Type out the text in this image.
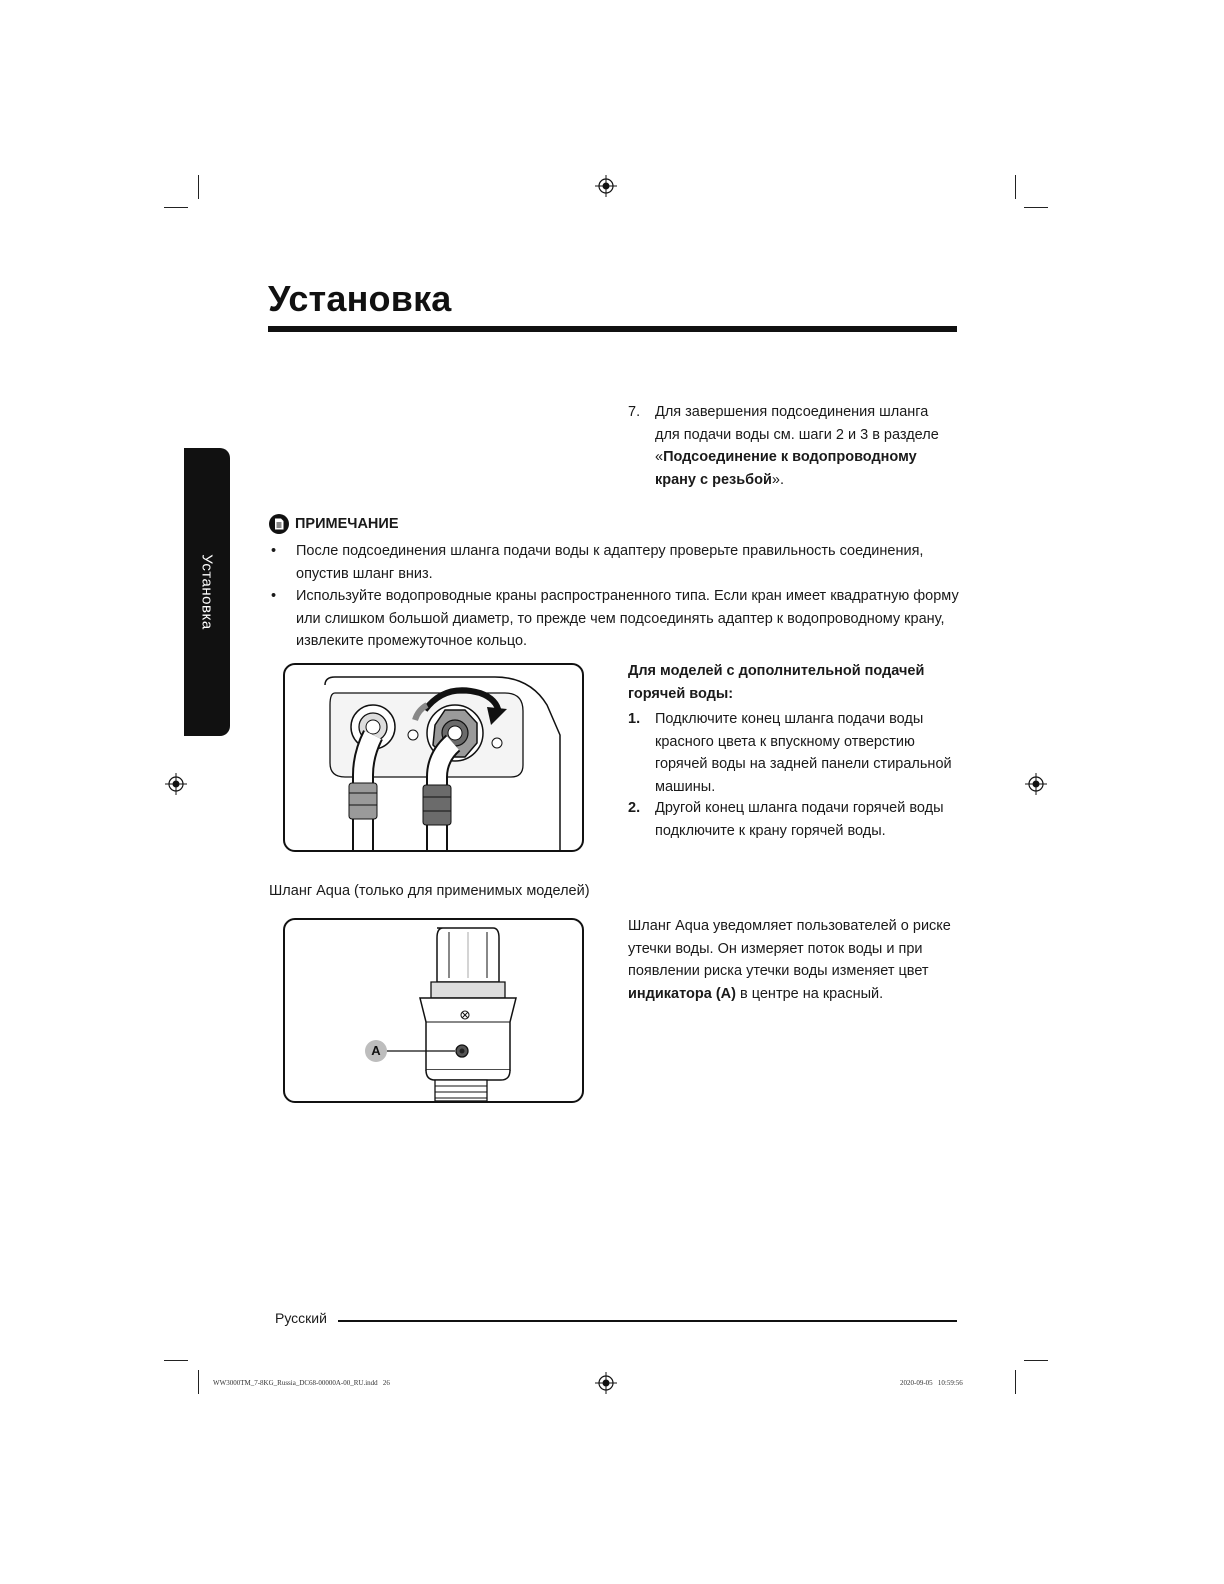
Установка
Установка
7. Для завершения подсоединения шланга для подачи воды см. шаги 2 и 3 в разделе «Подсоединение к водопроводному крану с резьбой».
ПРИМЕЧАНИЕ
• После подсоединения шланга подачи воды к адаптеру проверьте правильность соединения, опустив шланг вниз.
• Используйте водопроводные краны распространенного типа. Если кран имеет квадратную форму или слишком большой диаметр, то прежде чем подсоединять адаптер к водопроводному крану, извлеките промежуточное кольцо.
Для моделей с дополнительной подачей горячей воды:
1. Подключите конец шланга подачи воды красного цвета к впускному отверстию горячей воды на задней панели стиральной машины.
2. Другой конец шланга подачи горячей воды подключите к крану горячей воды.
Шланг Aqua (только для применимых моделей)
A
Шланг Aqua уведомляет пользователей о риске утечки воды. Он измеряет поток воды и при появлении риска утечки воды изменяет цвет индикатора (A) в центре на красный.
Русский
WW3000TM_7-8KG_Russia_DC68-00000A-00_RU.indd   26	2020-09-05   10:59:56
